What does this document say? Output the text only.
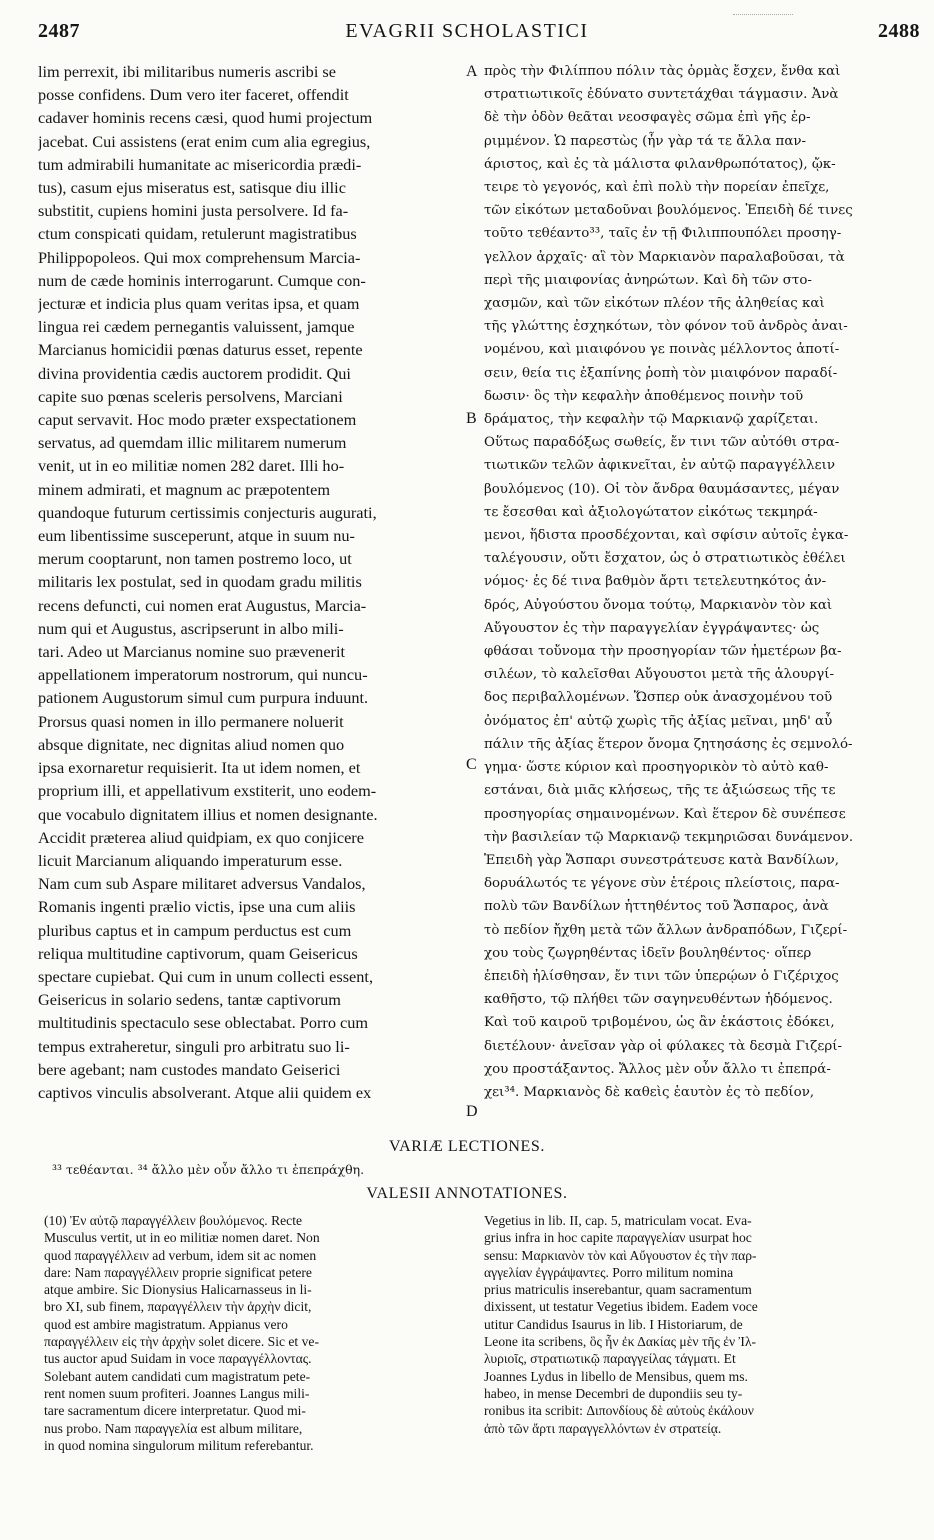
2487	EVAGRII SCHOLASTICI	2488
lim perrexit, ibi militaribus numeris ascribi se
posse confidens. Dum vero iter faceret, offendit
cadaver hominis recens cæsi, quod humi projectum
jacebat. Cui assistens (erat enim cum alia egregius,
tum admirabili humanitate ac misericordia prædi-
tus), casum ejus miseratus est, satisque diu illic
substitit, cupiens homini justa persolvere. Id fa-
ctum conspicati quidam, retulerunt magistratibus
Philippopoleos. Qui mox comprehensum Marcia-
num de cæde hominis interrogarunt. Cumque con-
jecturæ et indicia plus quam veritas ipsa, et quam
lingua rei cædem pernegantis valuissent, jamque
Marcianus homicidii pœnas daturus esset, repente
divina providentia cædis auctorem prodidit. Qui
capite suo pœnas sceleris persolvens, Marciani
caput servavit. Hoc modo præter exspectationem
servatus, ad quemdam illic militarem numerum
venit, ut in eo militiæ nomen 282 daret. Illi ho-
minem admirati, et magnum ac præpotentem
quandoque futurum certissimis conjecturis augurati,
eum libentissime susceperunt, atque in suum nu-
merum cooptarunt, non tamen postremo loco, ut
militaris lex postulat, sed in quodam gradu militis
recens defuncti, cui nomen erat Augustus, Marcia-
num qui et Augustus, ascripserunt in albo mili-
tari. Adeo ut Marcianus nomine suo prævenerit
appellationem imperatorum nostrorum, qui nuncu-
pationem Augustorum simul cum purpura induunt.
Prorsus quasi nomen in illo permanere noluerit
absque dignitate, nec dignitas aliud nomen quo
ipsa exornaretur requisierit. Ita ut idem nomen, et
proprium illi, et appellativum exstiterit, uno eodem-
que vocabulo dignitatem illius et nomen designante.
Accidit præterea aliud quidpiam, ex quo conjicere
licuit Marcianum aliquando imperaturum esse.
Nam cum sub Aspare militaret adversus Vandalos,
Romanis ingenti prælio victis, ipse una cum aliis
pluribus captus et in campum perductus est cum
reliqua multitudine captivorum, quam Geisericus
spectare cupiebat. Qui cum in unum collecti essent,
Geisericus in solario sedens, tantæ captivorum
multitudinis spectaculo sese oblectabat. Porro cum
tempus extraheretur, singuli pro arbitratu suo li-
bere agebant; nam custodes mandato Geiserici
captivos vinculis absolverant. Atque alii quidem ex
πρὸς τὴν Φιλίππου πόλιν τὰς ὁρμὰς ἔσχεν, ἔνθα καὶ
στρατιωτικοῖς ἐδύνατο συντετάχθαι τάγμασιν. Ἀνὰ
δὲ τὴν ὁδὸν θεᾶται νεοσφαγὲς σῶμα ἐπὶ γῆς ἐρ-
ριμμένον. Ὡ παρεστὼς (ἦν γὰρ τά τε ἄλλα παν-
άριστος, καὶ ἐς τὰ μάλιστα φιλανθρωπότατος), ᾤκ-
τειρε τὸ γεγονός, καὶ ἐπὶ πολὺ τὴν πορείαν ἐπεῖχε,
τῶν εἰκότων μεταδοῦναι βουλόμενος. Ἐπειδὴ δέ τινες
τοῦτο τεθέαντο³³, ταῖς ἐν τῇ Φιλιππουπόλει προσηγ-
γελλον ἀρχαῖς· αἳ τὸν Μαρκιανὸν παραλαβοῦσαι, τὰ
περὶ τῆς μιαιφονίας ἀνηρώτων. Καὶ δὴ τῶν στο-
χασμῶν, καὶ τῶν εἰκότων πλέον τῆς ἀληθείας καὶ
τῆς γλώττης ἐσχηκότων, τὸν φόνον τοῦ ἀνδρὸς ἀναι-
νομένου, καὶ μιαιφόνου γε ποινὰς μέλλοντος ἀποτί-
σειν, θεία τις ἐξαπίνης ῥοπὴ τὸν μιαιφόνον παραδί-
δωσιν· ὃς τὴν κεφαλὴν ἀποθέμενος ποινὴν τοῦ
δράματος, τὴν κεφαλὴν τῷ Μαρκιανῷ χαρίζεται.
Οὕτως παραδόξως σωθείς, ἔν τινι τῶν αὐτόθι στρα-
τιωτικῶν τελῶν ἀφικνεῖται, ἐν αὐτῷ παραγγέλλειν
βουλόμενος (10). Οἱ τὸν ἄνδρα θαυμάσαντες, μέγαν
τε ἔσεσθαι καὶ ἀξιολογώτατον εἰκότως τεκμηρά-
μενοι, ἥδιστα προσδέχονται, καὶ σφίσιν αὐτοῖς ἐγκα-
ταλέγουσιν, οὔτι ἔσχατον, ὡς ὁ στρατιωτικὸς ἐθέλει
νόμος· ἐς δέ τινα βαθμὸν ἄρτι τετελευτηκότος ἀν-
δρός, Αὐγούστου ὄνομα τούτῳ, Μαρκιανὸν τὸν καὶ
Αὔγουστον ἐς τὴν παραγγελίαν ἐγγράψαντες· ὡς
φθάσαι τοὔνομα τὴν προσηγορίαν τῶν ἡμετέρων βα-
σιλέων, τὸ καλεῖσθαι Αὔγουστοι μετὰ τῆς ἁλουργί-
δος περιβαλλομένων. Ὥσπερ οὐκ ἀνασχομένου τοῦ
ὀνόματος ἐπ' αὐτῷ χωρὶς τῆς ἀξίας μεῖναι, μηδ' αὖ
πάλιν τῆς ἀξίας ἕτερον ὄνομα ζητησάσης ἐς σεμνολό-
γημα· ὥστε κύριον καὶ προσηγορικὸν τὸ αὐτὸ καθ-
εστάναι, διὰ μιᾶς κλήσεως, τῆς τε ἀξιώσεως τῆς τε
προσηγορίας σημαινομένων. Καὶ ἕτερον δὲ συνέπεσε
τὴν βασιλείαν τῷ Μαρκιανῷ τεκμηριῶσαι δυνάμενον.
Ἐπειδὴ γὰρ Ἄσπαρι συνεστράτευσε κατὰ Βανδίλων,
δορυάλωτός τε γέγονε σὺν ἑτέροις πλείστοις, παρα-
πολὺ τῶν Βανδίλων ἡττηθέντος τοῦ Ἄσπαρος, ἀνὰ
τὸ πεδίον ἤχθη μετὰ τῶν ἄλλων ἀνδραπόδων, Γιζερί-
χου τοὺς ζωγρηθέντας ἰδεῖν βουληθέντος· οἵπερ
ἐπειδὴ ἠλίσθησαν, ἔν τινι τῶν ὑπερῴων ὁ Γιζέριχος
καθῆστο, τῷ πλήθει τῶν σαγηνευθέντων ἡδόμενος.
Καὶ τοῦ καιροῦ τριβομένου, ὡς ἂν ἑκάστοις ἐδόκει,
διετέλουν· ἀνεῖσαν γὰρ οἱ φύλακες τὰ δεσμὰ Γιζερί-
χου προστάξαντος. Ἄλλος μὲν οὖν ἄλλο τι ἐπεπρά-
χει³⁴. Μαρκιανὸς δὲ καθεὶς ἑαυτὸν ἐς τὸ πεδίον,
A
B
C
D
VARIÆ LECTIONES.
³³ τεθέανται. ³⁴ ἄλλο μὲν οὖν ἄλλο τι ἐπεπράχθη.
VALESII ANNOTATIONES.
(10) Ἐν αὐτῷ παραγγέλλειν βουλόμενος. Recte
Musculus vertit, ut in eo militiæ nomen daret. Non
quod παραγγέλλειν ad verbum, idem sit ac nomen
dare: Nam παραγγέλλειν proprie significat petere
atque ambire. Sic Dionysius Halicarnasseus in li-
bro XI, sub finem, παραγγέλλειν τὴν ἀρχὴν dicit,
quod est ambire magistratum. Appianus vero
παραγγέλλειν εἰς τὴν ἀρχὴν solet dicere. Sic et ve-
tus auctor apud Suidam in voce παραγγέλλοντας.
Solebant autem candidati cum magistratum pete-
rent nomen suum profiteri. Joannes Langus mili-
tare sacramentum dicere interpretatur. Quod mi-
nus probo. Nam παραγγελία est album militare,
in quod nomina singulorum militum referebantur.
Vegetius in lib. II, cap. 5, matriculam vocat. Eva-
grius infra in hoc capite παραγγελίαν usurpat hoc
sensu: Μαρκιανὸν τὸν καὶ Αὔγουστον ἐς τὴν παρ-
αγγελίαν ἐγγράψαντες. Porro militum nomina
prius matriculis inserebantur, quam sacramentum
dixissent, ut testatur Vegetius ibidem. Eadem voce
utitur Candidus Isaurus in lib. I Historiarum, de
Leone ita scribens, ὃς ἦν ἐκ Δακίας μὲν τῆς ἐν Ἰλ-
λυριοῖς, στρατιωτικῷ παραγγείλας τάγματι. Et
Joannes Lydus in libello de Mensibus, quem ms.
habeo, in mense Decembri de dupondiis seu ty-
ronibus ita scribit: Διπονδίους δὲ αὐτοὺς ἐκάλουν
ἀπὸ τῶν ἄρτι παραγγελλόντων ἐν στρατείᾳ.
